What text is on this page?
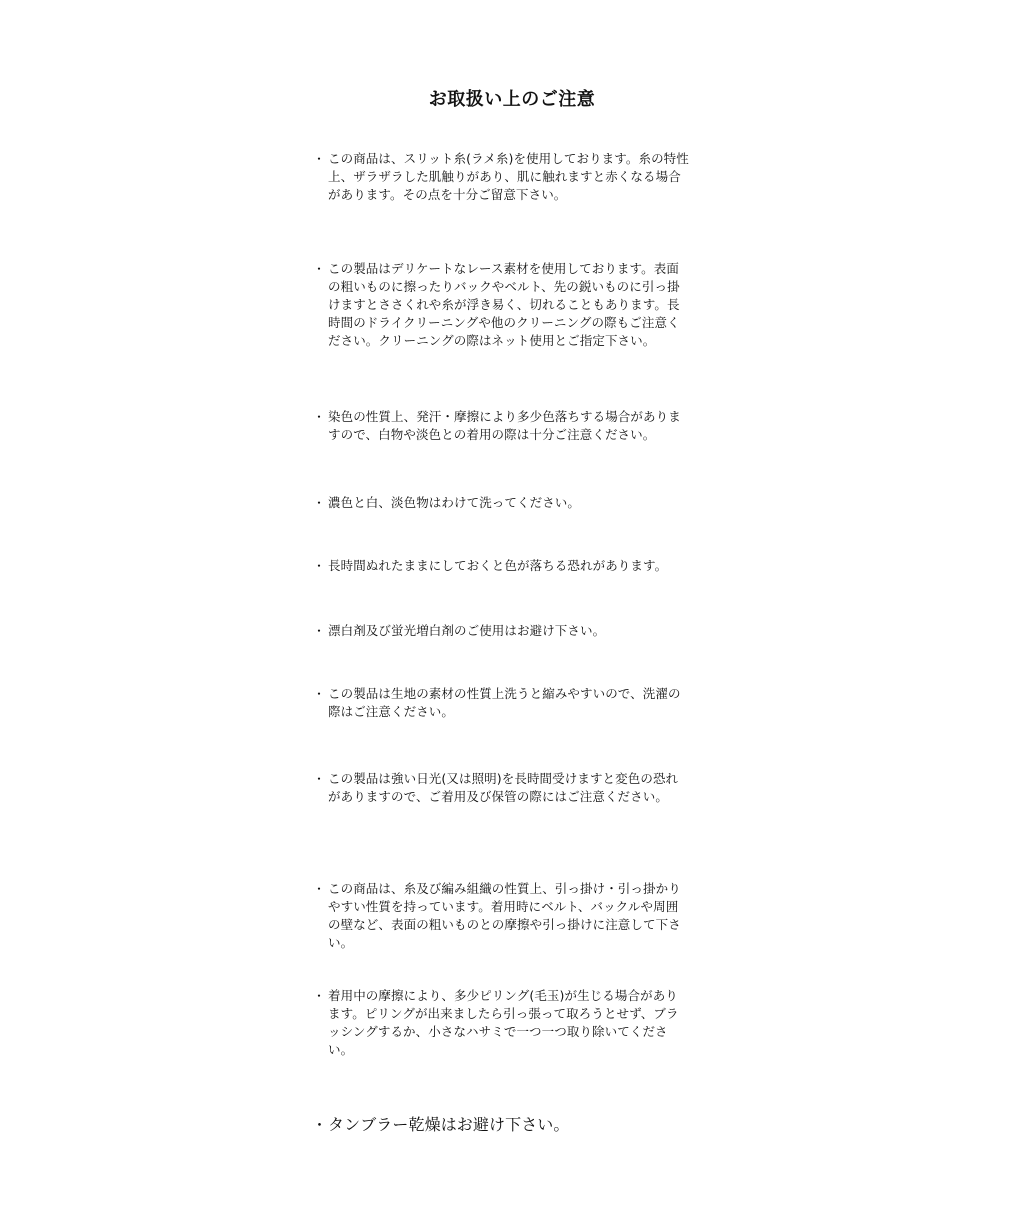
お取扱い上のご注意
・ この商品は、スリット糸(ラメ糸)を使用しております。糸の特性上、ザラザラした肌触りがあり、肌に触れますと赤くなる場合があります。その点を十分ご留意下さい。
・ この製品はデリケートなレース素材を使用しております。表面の粗いものに擦ったりバックやベルト、先の鋭いものに引っ掛けますとささくれや糸が浮き易く、切れることもあります。長時間のドライクリーニングや他のクリーニングの際もご注意ください。クリーニングの際はネット使用とご指定下さい。
・ 染色の性質上、発汗・摩擦により多少色落ちする場合がありますので、白物や淡色との着用の際は十分ご注意ください。
・ 濃色と白、淡色物はわけて洗ってください。
・ 長時間ぬれたままにしておくと色が落ちる恐れがあります。
・ 漂白剤及び蛍光増白剤のご使用はお避け下さい。
・ この製品は生地の素材の性質上洗うと縮みやすいので、洗濯の際はご注意ください。
・ この製品は強い日光(又は照明)を長時間受けますと変色の恐れがありますので、ご着用及び保管の際にはご注意ください。
・ この商品は、糸及び編み組織の性質上、引っ掛け・引っ掛かりやすい性質を持っています。着用時にベルト、バックルや周囲の壁など、表面の粗いものとの摩擦や引っ掛けに注意して下さい。
・ 着用中の摩擦により、多少ピリング(毛玉)が生じる場合があります。ピリングが出来ましたら引っ張って取ろうとせず、ブラッシングするか、小さなハサミで一つ一つ取り除いてください。
・ タンブラー乾燥はお避け下さい。
